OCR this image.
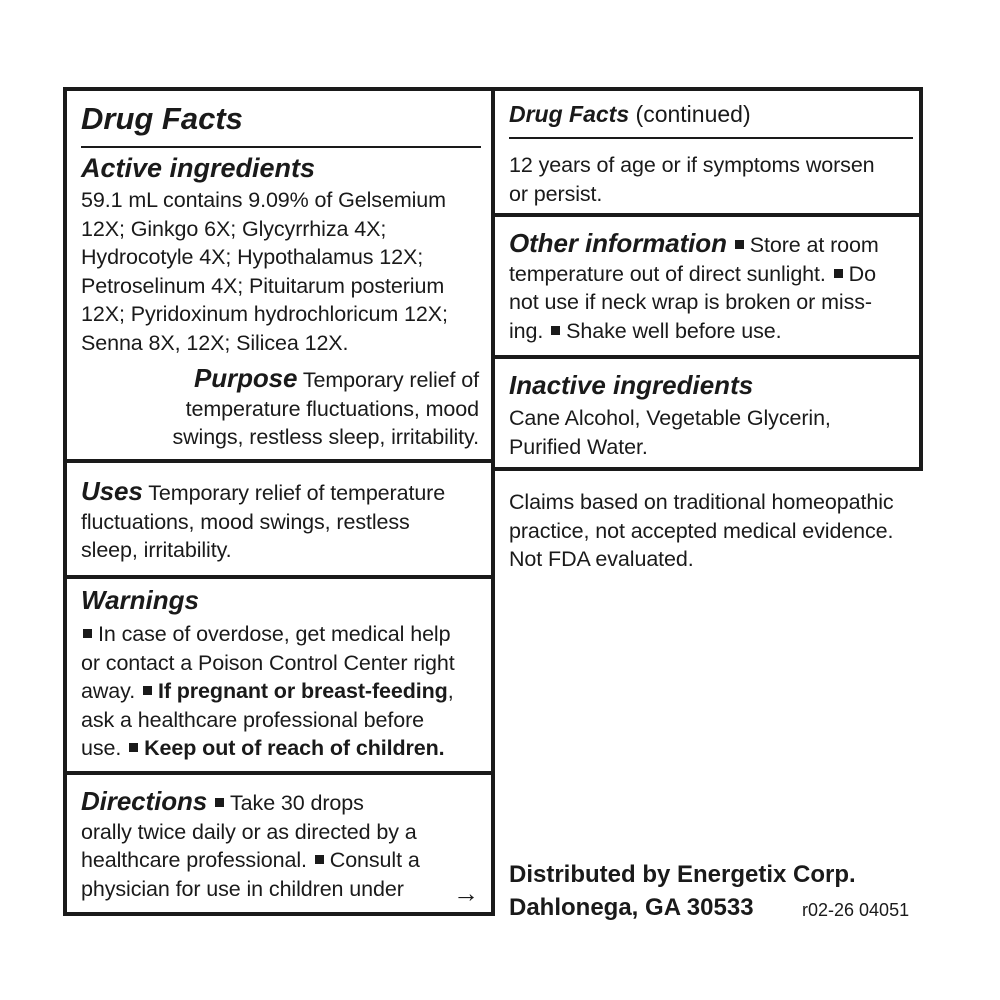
Drug Facts
Active ingredients
59.1 mL contains 9.09% of Gelsemium
12X; Ginkgo 6X; Glycyrrhiza 4X;
Hydrocotyle 4X; Hypothalamus 12X;
Petroselinum 4X; Pituitarum posterium
12X; Pyridoxinum hydrochloricum 12X;
Senna 8X, 12X; Silicea 12X.
Purpose Temporary relief of
temperature fluctuations, mood
swings, restless sleep, irritability.
Uses Temporary relief of temperature
fluctuations, mood swings, restless
sleep, irritability.
Warnings
In case of overdose, get medical help
or contact a Poison Control Center right
away. If pregnant or breast-feeding,
ask a healthcare professional before
use. Keep out of reach of children.
Directions Take 30 drops
orally twice daily or as directed by a
healthcare professional. Consult a
physician for use in children under	→
Drug Facts (continued)
12 years of age or if symptoms worsen
or persist.
Other information Store at room
temperature out of direct sunlight. Do
not use if neck wrap is broken or miss-
ing. Shake well before use.
Inactive ingredients
Cane Alcohol, Vegetable Glycerin,
Purified Water.
Claims based on traditional homeopathic
practice, not accepted medical evidence.
Not FDA evaluated.
Distributed by Energetix Corp.
Dahlonega, GA 30533	r02-26 04051
